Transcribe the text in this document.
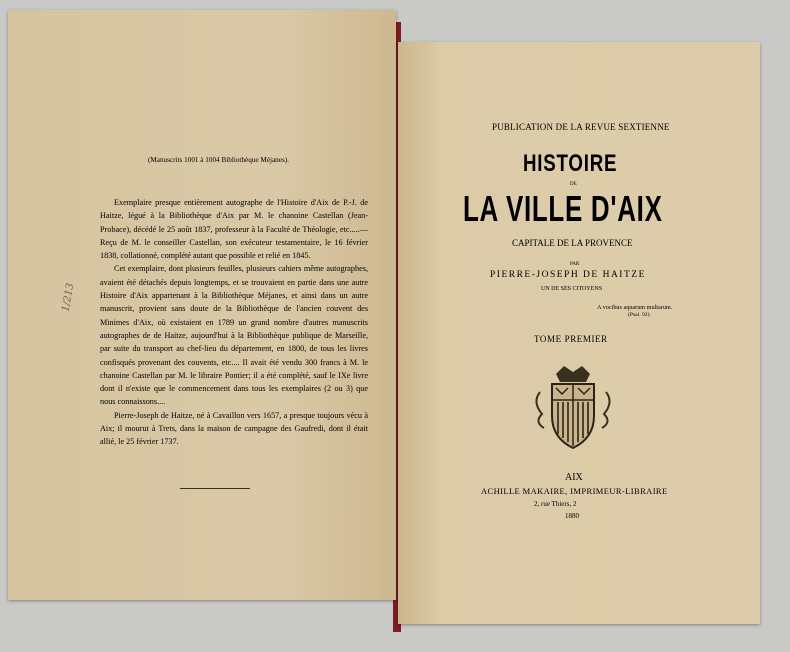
(Manuscrits 1001 à 1004 Bibliothèque Méjanes).
1/213

Exemplaire presque entièrement autographe de l'Histoire d'Aix de P.-J. de Haitze, légué à la Bibliothèque d'Aix par M. le chanoine Castellan (Jean-Probace), décédé le 25 août 1837, professeur à la Faculté de Théologie, etc.....—Reçu de M. le conseiller Castellan, son exécuteur testamentaire, le 16 février 1838, collationné, complété autant que possible et relié en 1845.

Cet exemplaire, dont plusieurs feuilles, plusieurs cahiers même autographes, avaient été détachés depuis longtemps, et se trouvaient en partie dans une autre Histoire d'Aix appartenant à la Bibliothèque Méjanes, et ainsi dans un autre manuscrit, provient sans doute de la Bibliothèque de l'ancien couvent des Minimes d'Aix, où existaient en 1789 un grand nombre d'autres manuscrits autographes de de Haitze, aujourd'hui à la Bibliothèque publique de Marseille, par suite du transport au chef-lieu du département, en 1800, de tous les livres confisqués provenant des couvents, etc.... Il avait été vendu 300 francs à M. le chanoine Castellan par M. le libraire Pontier; il a été complété, sauf le IXe livre dont il n'existe que le commencement dans tous les exemplaires (2 ou 3) que nous connaissons....

Pierre-Joseph de Haitze, né à Cavaillon vers 1657, a presque toujours vécu à Aix; il mourut à Trets, dans la maison de campagne des Gaufredi, dont il était allié, le 25 février 1737.

PUBLICATION DE LA REVUE SEXTIENNE
HISTOIRE
DE
LA VILLE D'AIX
CAPITALE DE LA PROVENCE
PAR
PIERRE-JOSEPH DE HAITZE
UN DE SES CITOYENS
A vocibus aquarum multarum.
(Psal. 92).
TOME PREMIER
AIX
ACHILLE MAKAIRE, IMPRIMEUR-LIBRAIRE
2, rue Thiers, 2
1880
